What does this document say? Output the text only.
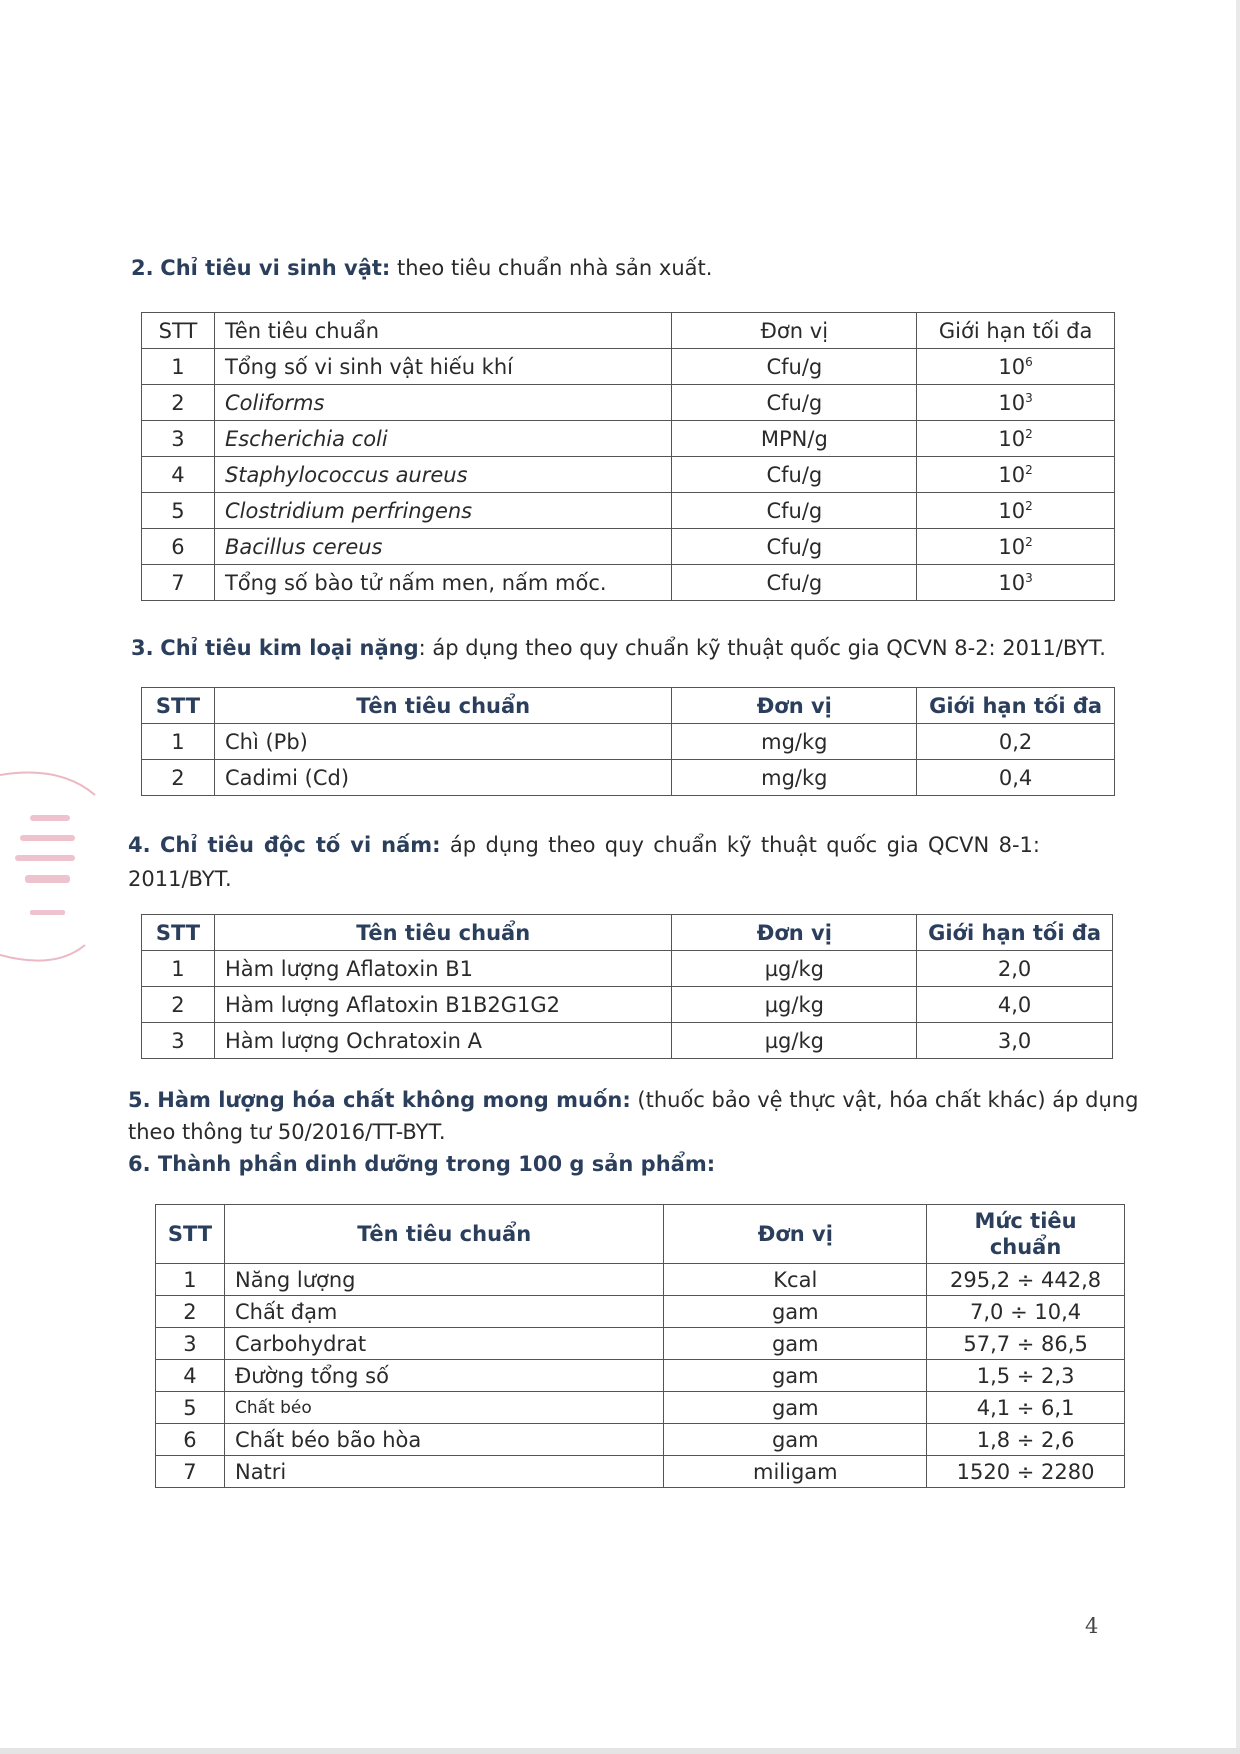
2. Chỉ tiêu vi sinh vật: theo tiêu chuẩn nhà sản xuất.
STT	Tên tiêu chuẩn	Đơn vị	Giới hạn tối đa
1	Tổng số vi sinh vật hiếu khí	Cfu/g	$10^6$
2	Coliforms	Cfu/g	$10^3$
3	Escherichia coli	MPN/g	$10^2$
4	Staphylococcus aureus	Cfu/g	$10^2$
5	Clostridium perfringens	Cfu/g	$10^2$
6	Bacillus cereus	Cfu/g	$10^2$
7	Tổng số bào tử nấm men, nấm mốc.	Cfu/g	$10^3$
3. Chỉ tiêu kim loại nặng: áp dụng theo quy chuẩn kỹ thuật quốc gia QCVN 8-2: 2011/BYT.
STT	Tên tiêu chuẩn	Đơn vị	Giới hạn tối đa
1	Chì (Pb)	mg/kg	0,2
2	Cadimi (Cd)	mg/kg	0,4
4. Chỉ tiêu độc tố vi nấm: áp dụng theo quy chuẩn kỹ thuật quốc gia QCVN 8-1:
2011/BYT.
STT	Tên tiêu chuẩn	Đơn vị	Giới hạn tối đa
1	Hàm lượng Aflatoxin B1	µg/kg	2,0
2	Hàm lượng Aflatoxin B1B2G1G2	µg/kg	4,0
3	Hàm lượng Ochratoxin A	µg/kg	3,0
5. Hàm lượng hóa chất không mong muốn: (thuốc bảo vệ thực vật, hóa chất khác) áp dụng
theo thông tư 50/2016/TT-BYT.
6. Thành phần dinh dưỡng trong 100 g sản phẩm:
STT	Tên tiêu chuẩn	Đơn vị	Mức tiêu chuẩn
1	Năng lượng	Kcal	295,2 ÷ 442,8
2	Chất đạm	gam	7,0 ÷ 10,4
3	Carbohydrat	gam	57,7 ÷ 86,5
4	Đường tổng số	gam	1,5 ÷ 2,3
5	Chất béo	gam	4,1 ÷ 6,1
6	Chất béo bão hòa	gam	1,8 ÷ 2,6
7	Natri	miligam	1520 ÷ 2280
4
